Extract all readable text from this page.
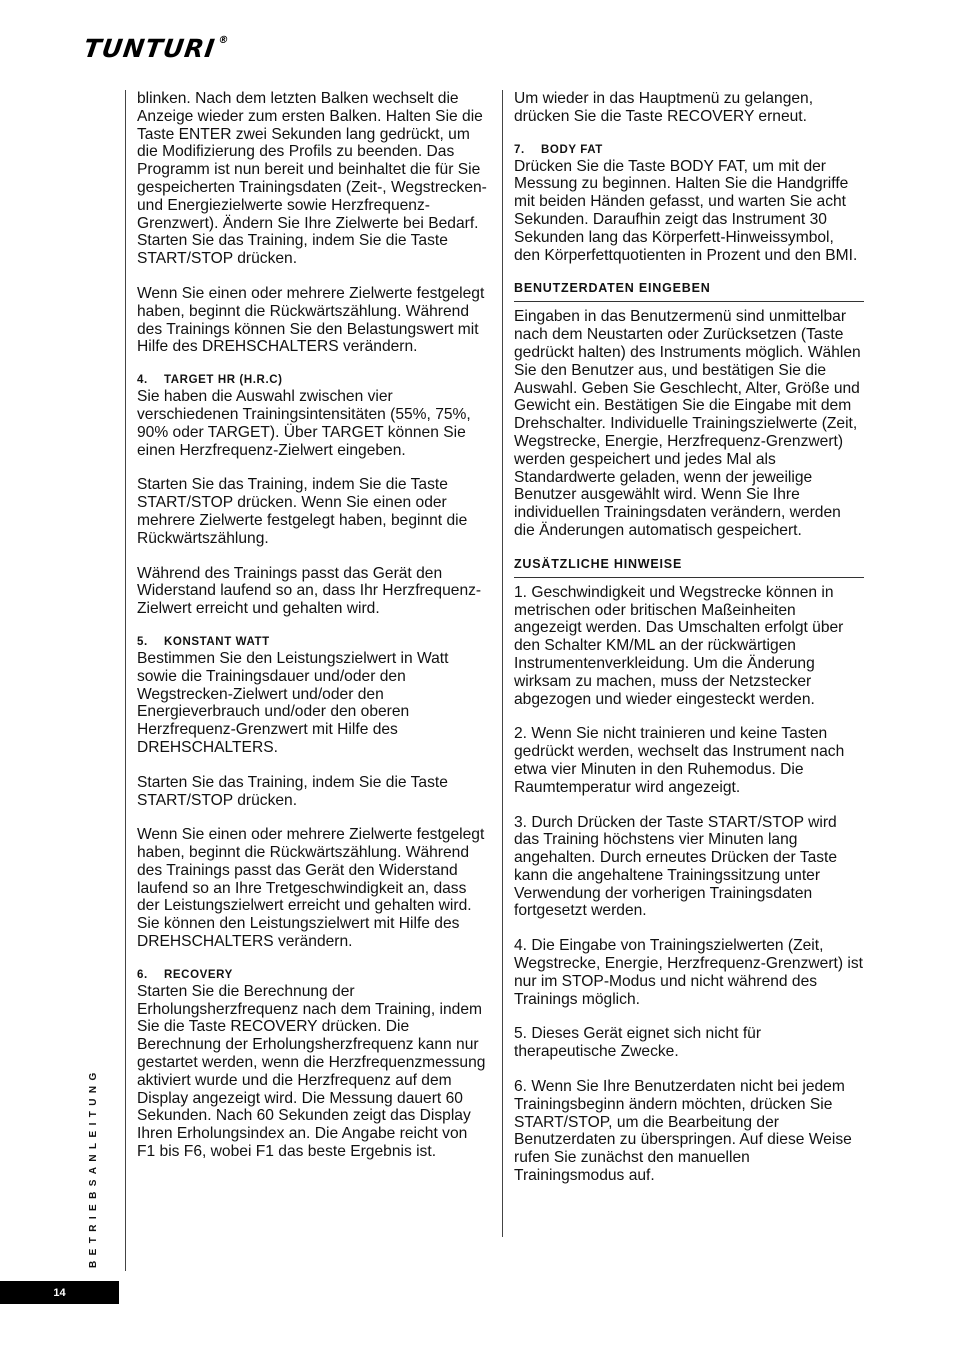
TUNTURI®

blinken. Nach dem letzten Balken wechselt die Anzeige wieder zum ersten Balken. Halten Sie die Taste ENTER zwei Sekunden lang gedrückt, um die Modifizierung des Profils zu beenden. Das Programm ist nun bereit und beinhaltet die für Sie gespeicherten Trainingsdaten (Zeit-, Wegstrecken- und Energiezielwerte sowie Herzfrequenz-Grenzwert). Ändern Sie Ihre Zielwerte bei Bedarf. Starten Sie das Training, indem Sie die Taste START/STOP drücken.

Wenn Sie einen oder mehrere Zielwerte festgelegt haben, beginnt die Rückwärtszählung. Während des Trainings können Sie den Belastungswert mit Hilfe des DREHSCHALTERS verändern.

4. TARGET HR (H.R.C)

Sie haben die Auswahl zwischen vier verschiedenen Trainingsintensitäten (55%, 75%, 90% oder TARGET). Über TARGET können Sie einen Herzfrequenz-Zielwert eingeben.

Starten Sie das Training, indem Sie die Taste START/STOP drücken. Wenn Sie einen oder mehrere Zielwerte festgelegt haben, beginnt die Rückwärtszählung.

Während des Trainings passt das Gerät den Widerstand laufend so an, dass Ihr Herzfrequenz-Zielwert erreicht und gehalten wird.

5. KONSTANT WATT

Bestimmen Sie den Leistungszielwert in Watt sowie die Trainingsdauer und/oder den Wegstrecken-Zielwert und/oder den Energieverbrauch und/oder den oberen Herzfrequenz-Grenzwert mit Hilfe des DREHSCHALTERS.

Starten Sie das Training, indem Sie die Taste START/STOP drücken.

Wenn Sie einen oder mehrere Zielwerte festgelegt haben, beginnt die Rückwärtszählung. Während des Trainings passt das Gerät den Widerstand laufend so an Ihre Tretgeschwindigkeit an, dass der Leistungszielwert erreicht und gehalten wird. Sie können den Leistungszielwert mit Hilfe des DREHSCHALTERS verändern.

6. RECOVERY

Starten Sie die Berechnung der Erholungsherzfrequenz nach dem Training, indem Sie die Taste RECOVERY drücken. Die Berechnung der Erholungsherzfrequenz kann nur gestartet werden, wenn die Herzfrequenzmessung aktiviert wurde und die Herzfrequenz auf dem Display angezeigt wird. Die Messung dauert 60 Sekunden. Nach 60 Sekunden zeigt das Display Ihren Erholungsindex an. Die Angabe reicht von F1 bis F6, wobei F1 das beste Ergebnis ist.

Um wieder in das Hauptmenü zu gelangen, drücken Sie die Taste RECOVERY erneut.

7. BODY FAT

Drücken Sie die Taste BODY FAT, um mit der Messung zu beginnen. Halten Sie die Handgriffe mit beiden Händen gefasst, und warten Sie acht Sekunden. Daraufhin zeigt das Instrument 30 Sekunden lang das Körperfett-Hinweissymbol, den Körperfettquotienten in Prozent und den BMI.

BENUTZERDATEN EINGEBEN

Eingaben in das Benutzermenü sind unmittelbar nach dem Neustarten oder Zurücksetzen (Taste gedrückt halten) des Instruments möglich. Wählen Sie den Benutzer aus, und bestätigen Sie die Auswahl. Geben Sie Geschlecht, Alter, Größe und Gewicht ein. Bestätigen Sie die Eingabe mit dem Drehschalter. Individuelle Trainingszielwerte (Zeit, Wegstrecke, Energie, Herzfrequenz-Grenzwert) werden gespeichert und jedes Mal als Standardwerte geladen, wenn der jeweilige Benutzer ausgewählt wird. Wenn Sie Ihre individuellen Trainingsdaten verändern, werden die Änderungen automatisch gespeichert.

ZUSÄTZLICHE HINWEISE

1. Geschwindigkeit und Wegstrecke können in metrischen oder britischen Maßeinheiten angezeigt werden. Das Umschalten erfolgt über den Schalter KM/ML an der rückwärtigen Instrumentenverkleidung. Um die Änderung wirksam zu machen, muss der Netzstecker abgezogen und wieder eingesteckt werden.

2. Wenn Sie nicht trainieren und keine Tasten gedrückt werden, wechselt das Instrument nach etwa vier Minuten in den Ruhemodus. Die Raumtemperatur wird angezeigt.

3. Durch Drücken der Taste START/STOP wird das Training höchstens vier Minuten lang angehalten. Durch erneutes Drücken der Taste kann die angehaltene Trainingssitzung unter Verwendung der vorherigen Trainingsdaten fortgesetzt werden.

4. Die Eingabe von Trainingszielwerten (Zeit, Wegstrecke, Energie, Herzfrequenz-Grenzwert) ist nur im STOP-Modus und nicht während des Trainings möglich.

5. Dieses Gerät eignet sich nicht für therapeutische Zwecke.

6. Wenn Sie Ihre Benutzerdaten nicht bei jedem Trainingsbeginn ändern möchten, drücken Sie START/STOP, um die Bearbeitung der Benutzerdaten zu überspringen. Auf diese Weise rufen Sie zunächst den manuellen Trainingsmodus auf.

BETRIEBSANLEITUNG
14
